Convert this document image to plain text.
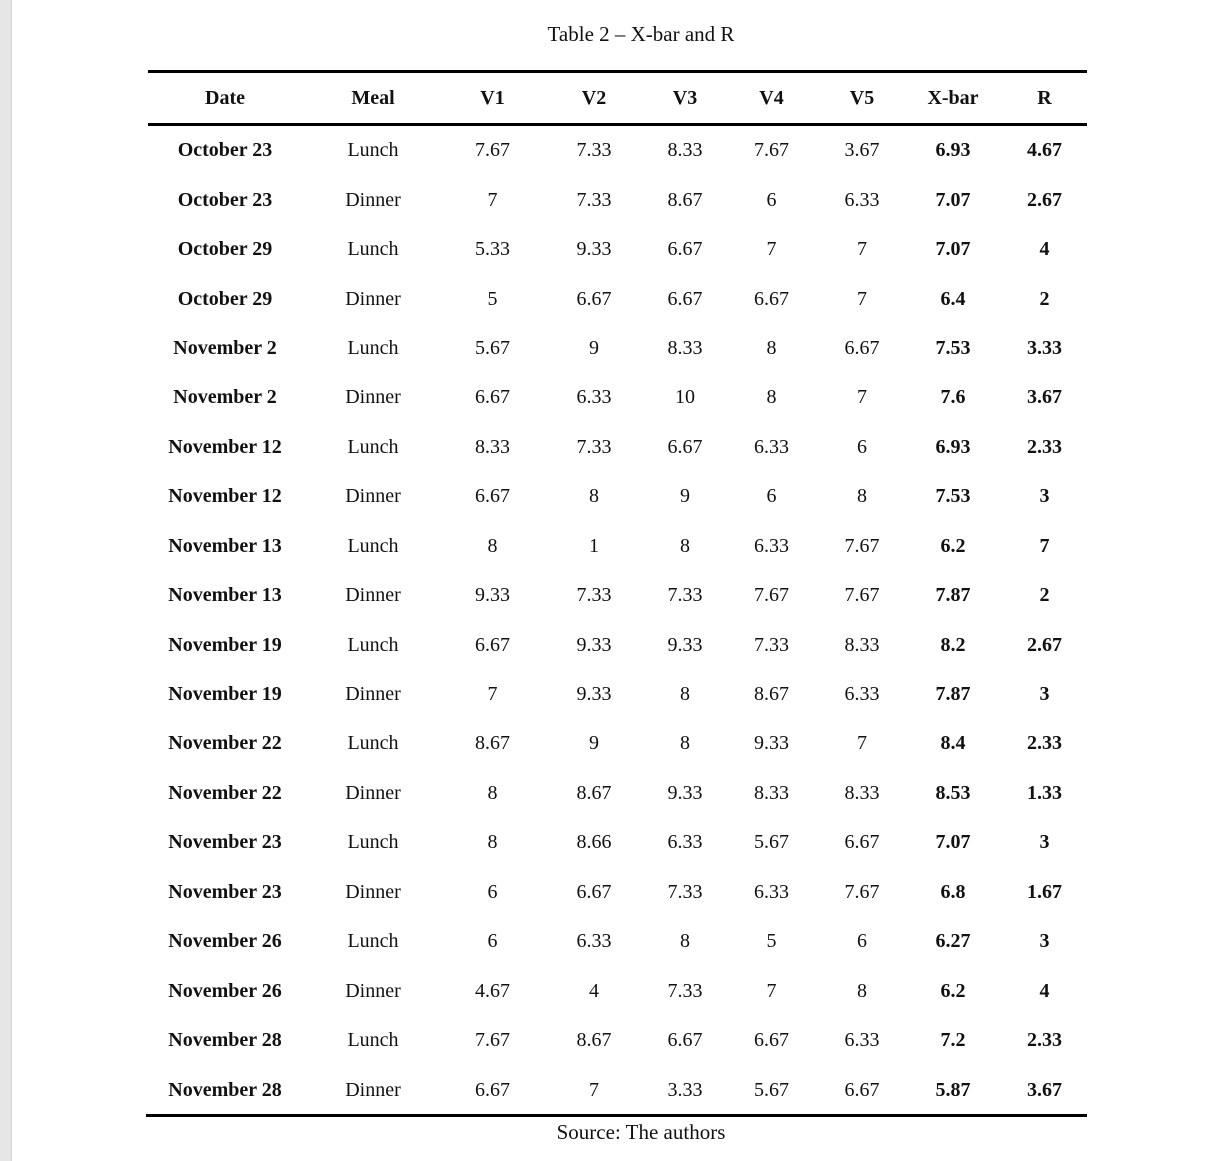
Table 2 – X-bar and R
Date	Meal	V1	V2	V3	V4	V5	X-bar	R

October 23	Lunch	7.67	7.33	8.33	7.67	3.67	6.93	4.67
October 23	Dinner	7	7.33	8.67	6	6.33	7.07	2.67
October 29	Lunch	5.33	9.33	6.67	7	7	7.07	4
October 29	Dinner	5	6.67	6.67	6.67	7	6.4	2
November 2	Lunch	5.67	9	8.33	8	6.67	7.53	3.33
November 2	Dinner	6.67	6.33	10	8	7	7.6	3.67
November 12	Lunch	8.33	7.33	6.67	6.33	6	6.93	2.33
November 12	Dinner	6.67	8	9	6	8	7.53	3
November 13	Lunch	8	1	8	6.33	7.67	6.2	7
November 13	Dinner	9.33	7.33	7.33	7.67	7.67	7.87	2
November 19	Lunch	6.67	9.33	9.33	7.33	8.33	8.2	2.67
November 19	Dinner	7	9.33	8	8.67	6.33	7.87	3
November 22	Lunch	8.67	9	8	9.33	7	8.4	2.33
November 22	Dinner	8	8.67	9.33	8.33	8.33	8.53	1.33
November 23	Lunch	8	8.66	6.33	5.67	6.67	7.07	3
November 23	Dinner	6	6.67	7.33	6.33	7.67	6.8	1.67
November 26	Lunch	6	6.33	8	5	6	6.27	3
November 26	Dinner	4.67	4	7.33	7	8	6.2	4
November 28	Lunch	7.67	8.67	6.67	6.67	6.33	7.2	2.33
November 28	Dinner	6.67	7	3.33	5.67	6.67	5.87	3.67
Source: The authors
